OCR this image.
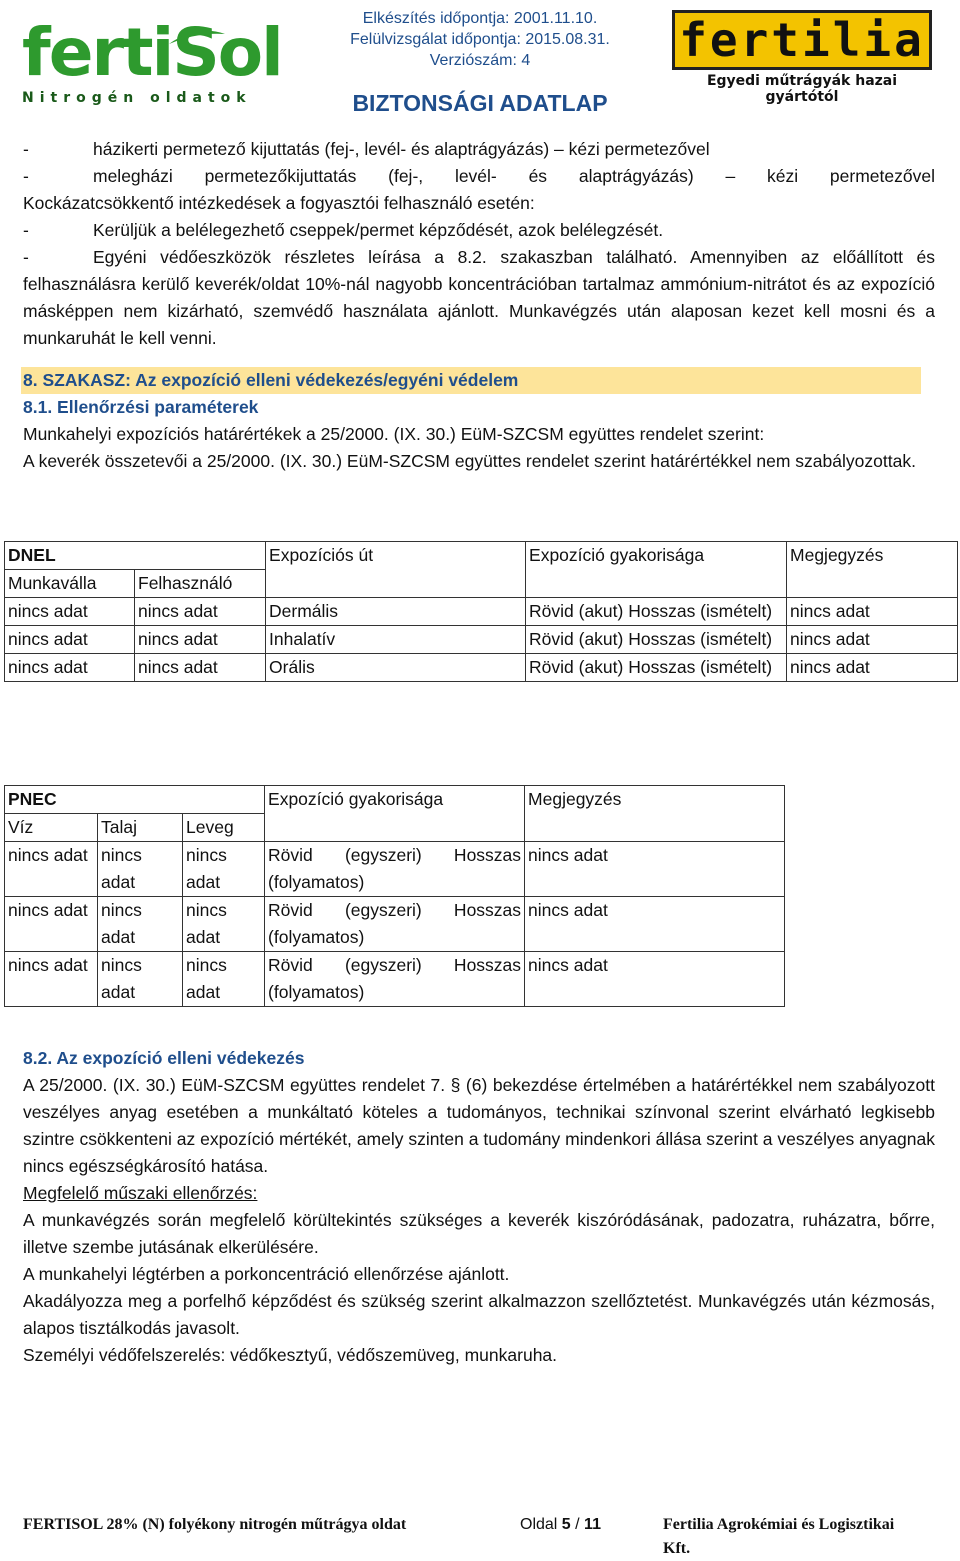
fertiSol
Nitrogén oldatok
Elkészítés időpontja: 2001.11.10.
Felülvizsgálat időpontja: 2015.08.31.
Verziószám: 4
BIZTONSÁGI ADATLAP
fertilia
Egyedi műtrágyák hazai gyártótól
-	házikerti permetező kijuttatás (fej-, levél- és alaptrágyázás) – kézi permetezővel
-	melegházi permetezőkijuttatás (fej-, levél- és alaptrágyázás) – kézi permetezővel
Kockázatcsökkentő intézkedések a fogyasztói felhasználó esetén:
-	Kerüljük a belélegezhető cseppek/permet képződését, azok belélegzését.
-	Egyéni védőeszközök részletes leírása a 8.2. szakaszban található. Amennyiben az előállított és felhasználásra kerülő keverék/oldat 10%-nál nagyobb koncentrációban tartalmaz ammónium-nitrátot és az expozíció másképpen nem kizárható, szemvédő használata ajánlott. Munkavégzés után alaposan kezet kell mosni és a munkaruhát le kell venni.
8. SZAKASZ: Az expozíció elleni védekezés/egyéni védelem
8.1. Ellenőrzési paraméterek
Munkahelyi expozíciós határértékek a 25/2000. (IX. 30.) EüM-SZCSM együttes rendelet szerint:
A keverék összetevői a 25/2000. (IX. 30.) EüM-SZCSM együttes rendelet szerint határértékkel nem szabályozottak.
DNEL		Expozíciós út	Expozíció gyakorisága	Megjegyzés
Munkaválla	Felhasználó			
nincs adat	nincs adat	Dermális	Rövid (akut) Hosszas (ismételt)	nincs adat
nincs adat	nincs adat	Inhalatív	Rövid (akut) Hosszas (ismételt)	nincs adat
nincs adat	nincs adat	Orális	Rövid (akut) Hosszas (ismételt)	nincs adat
PNEC			Expozíció gyakorisága	Megjegyzés
Víz	Talaj	Leveg		
nincs adat	nincs adat	nincs adat	Rövid (egyszeri) Hosszas (folyamatos)	nincs adat
nincs adat	nincs adat	nincs adat	Rövid (egyszeri) Hosszas (folyamatos)	nincs adat
nincs adat	nincs adat	nincs adat	Rövid (egyszeri) Hosszas (folyamatos)	nincs adat
8.2. Az expozíció elleni védekezés
A 25/2000. (IX. 30.) EüM-SZCSM együttes rendelet 7. § (6) bekezdése értelmében a határértékkel nem szabályozott veszélyes anyag esetében a munkáltató köteles a tudományos, technikai színvonal szerint elvárható legkisebb szintre csökkenteni az expozíció mértékét, amely szinten a tudomány mindenkori állása szerint a veszélyes anyagnak nincs egészségkárosító hatása.
Megfelelő műszaki ellenőrzés:
A munkavégzés során megfelelő körültekintés szükséges a keverék kiszóródásának, padozatra, ruházatra, bőrre, illetve szembe jutásának elkerülésére.
A munkahelyi légtérben a porkoncentráció ellenőrzése ajánlott.
Akadályozza meg a porfelhő képződést és szükség szerint alkalmazzon szellőztetést. Munkavégzés után kézmosás, alapos tisztálkodás javasolt.
Személyi védőfelszerelés: védőkesztyű, védőszemüveg, munkaruha.
FERTISOL 28% (N) folyékony nitrogén műtrágya oldat	Oldal 5 / 11	Fertilia Agrokémiai és Logisztikai Kft.
